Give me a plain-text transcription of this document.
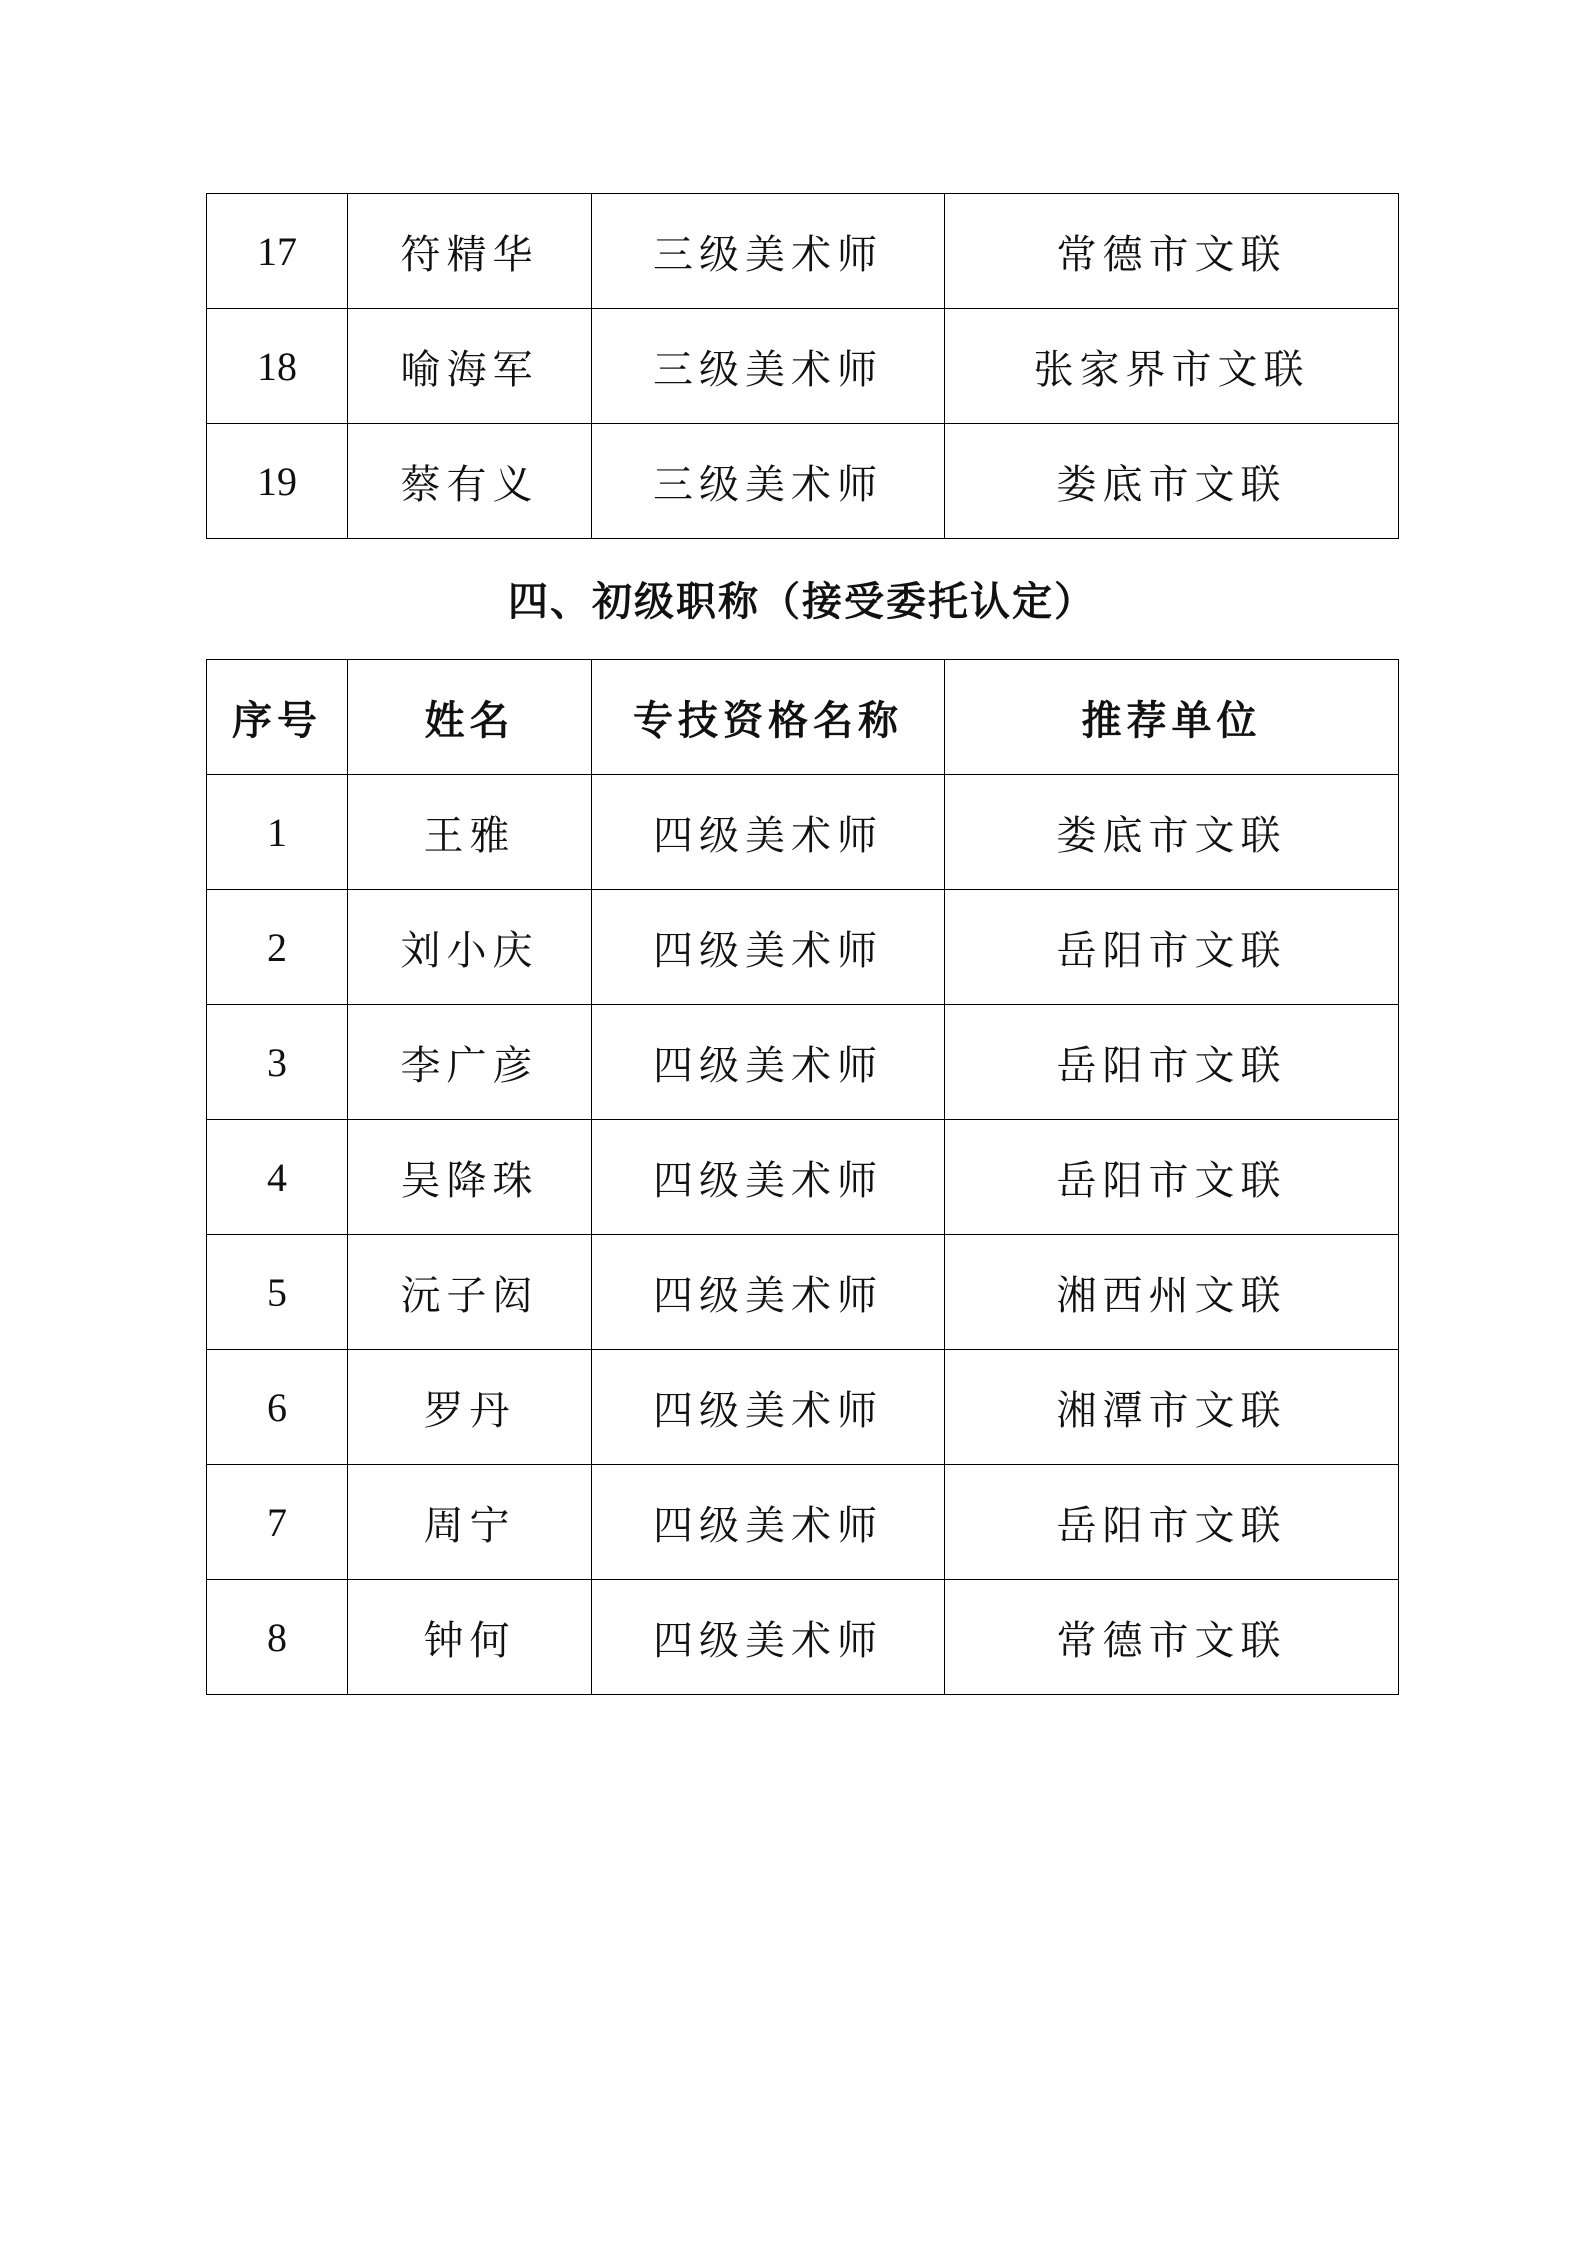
17	符精华	三级美术师	常德市文联
18	喻海军	三级美术师	张家界市文联
19	蔡有义	三级美术师	娄底市文联
四、初级职称（接受委托认定）
序号	姓名	专技资格名称	推荐单位
1	王雅	四级美术师	娄底市文联
2	刘小庆	四级美术师	岳阳市文联
3	李广彦	四级美术师	岳阳市文联
4	吴降珠	四级美术师	岳阳市文联
5	沅子闳	四级美术师	湘西州文联
6	罗丹	四级美术师	湘潭市文联
7	周宁	四级美术师	岳阳市文联
8	钟何	四级美术师	常德市文联
